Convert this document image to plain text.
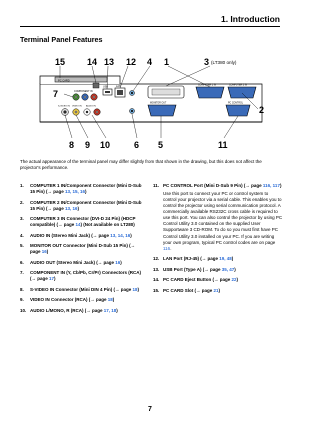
1. Introduction
Terminal Panel Features
PC CARD
USB	LAN
COMPONENT IN
S-VIDEO IN VIDEO IN AUDIO IN
COMPUTER 1 IN	COMPUTER 2 IN
MONITOR OUT	PC CONTROL
15 14 13 12 4 1	3 (LT380 only)
7
2
8 9 10	6 5	11
The actual appearance of the terminal panel may differ slightly from that shown in the drawing, but this does not affect the projector's performance.
1.	COMPUTER 1 IN/Component Connector (Mini D-Sub 15 Pin) (→ page 13, 15, 16)
2.	COMPUTER 2 IN/Component Connector (Mini D-Sub 15 Pin) (→ page 13, 16)
3.	COMPUTER 3 IN Connector (DVI-D 24 Pin) (HDCP compatible) (→ page 14) (Not available on LT280)
4.	AUDIO IN (Stereo Mini Jack) (→ page 13, 14, 16)
5.	MONITOR OUT Connector (Mini D-Sub 15 Pin) (→ page 16)
6.	AUDIO OUT (Stereo Mini Jack) (→ page 16)
7.	COMPONENT IN (Y, Cb/Pb, Cr/Pr) Connectors (RCA) (→ page 17)
8.	S-VIDEO IN Connector (Mini DIN 4 Pin) (→ page 18)
9.	VIDEO IN Connector (RCA) (→ page 18)
10. AUDIO L/MONO, R (RCA) (→ page 17, 18)
11. PC CONTROL Port (Mini D-Sub 9 Pin) (→ page 116, 117)
Use this port to connect your PC or control system to control your projector via a serial cable. This enables you to control the projector using serial communication protocol. A commercially available RS232C cross cable is required to use this port. You can also control the projector by using PC Control Utility 3.0 contained on the supplied User Supportware 3 CD-ROM. To do so you must first have PC Control Utility 3.0 installed on your PC. If you are writing your own program, typical PC control codes are on page 116.
12. LAN Port (RJ-45) (→ page 19, 48)
13. USB Port (Type A) (→ page 35, 47)
14. PC CARD Eject Button (→ page 22)
15. PC CARD Slot (→ page 21)
7
